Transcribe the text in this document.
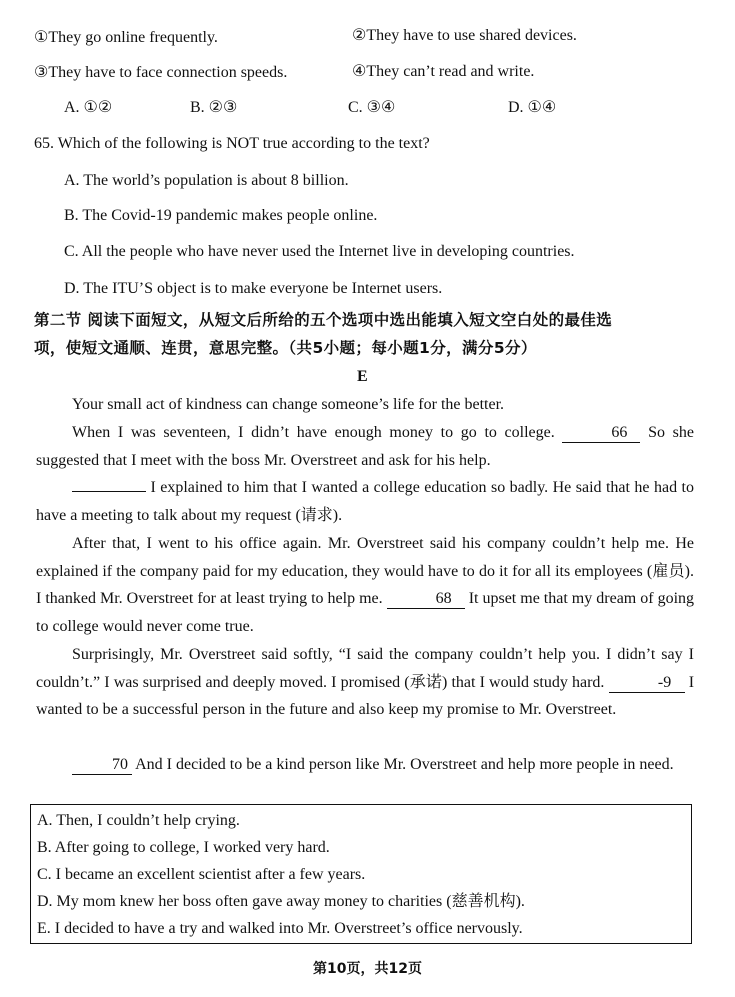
①They go online frequently.	②They have to use shared devices.
③They have to face connection speeds.	④They can’t read and write.
A. ①②	B. ②③	C. ③④	D. ①④
65. Which of the following is NOT true according to the text?
A. The world’s population is about 8 billion.
B. The Covid-19 pandemic makes people online.
C. All the people who have never used the Internet live in developing countries.
D. The ITU’S object is to make everyone be Internet users.
第二节 阅读下面短文，从短文后所给的五个选项中选出能填入短文空白处的最佳选
项，使短文通顺、连贯，意思完整。（共5小题；每小题1分，满分5分）
E
Your small act of kindness can change someone’s life for the better.
When I was seventeen, I didn’t have enough money to go to college.	66 So she suggested that I meet with the boss Mr. Overstreet and ask for his help.
I explained to him that I wanted a college education so badly. He said that he had to have a meeting to talk about my request (请求).
After that, I went to his office again. Mr. Overstreet said his company couldn’t help me. He explained if the company paid for my education, they would have to do it for all its employees (雇员). I thanked Mr. Overstreet for at least trying to help me.	68 It upset me that my dream of going to college would never come true.
Surprisingly, Mr. Overstreet said softly, “I said the company couldn’t help you. I didn’t say I couldn’t.” I was surprised and deeply moved. I promised (承诺) that I would study hard.	-9 I wanted to be a successful person in the future and also keep my promise to Mr. Overstreet.
70 And I decided to be a kind person like Mr. Overstreet and help more people in need.
A. Then, I couldn’t help crying.
B. After going to college, I worked very hard.
C. I became an excellent scientist after a few years.
D. My mom knew her boss often gave away money to charities (慈善机构).
E. I decided to have a try and walked into Mr. Overstreet’s office nervously.
第10页，共12页
